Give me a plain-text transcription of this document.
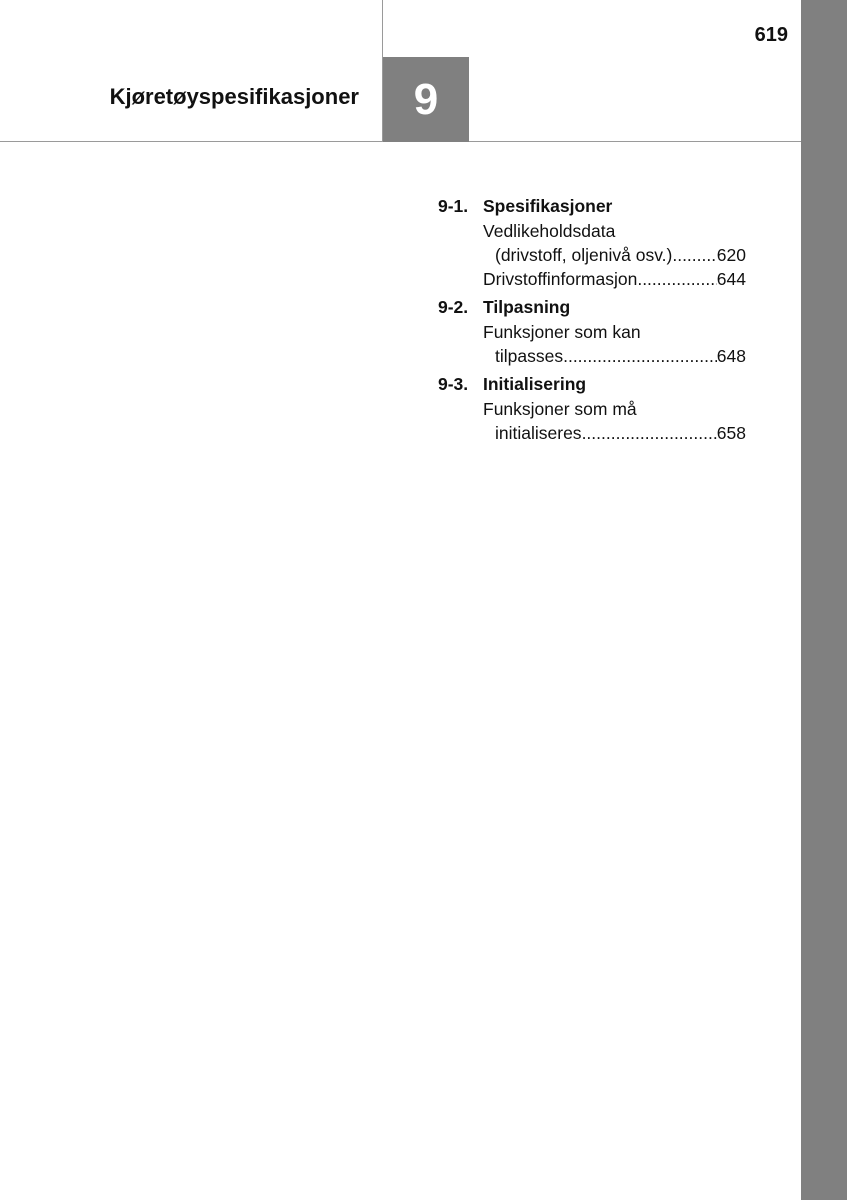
619
Kjøretøyspesifikasjoner	9
9-1. Spesifikasjoner
Vedlikeholdsdata
(drivstoff, oljenivå osv.) .....	620
Drivstoffinformasjon .....	644
9-2. Tilpasning
Funksjoner som kan
tilpasses .....	648
9-3. Initialisering
Funksjoner som må
initialiseres .....	658
